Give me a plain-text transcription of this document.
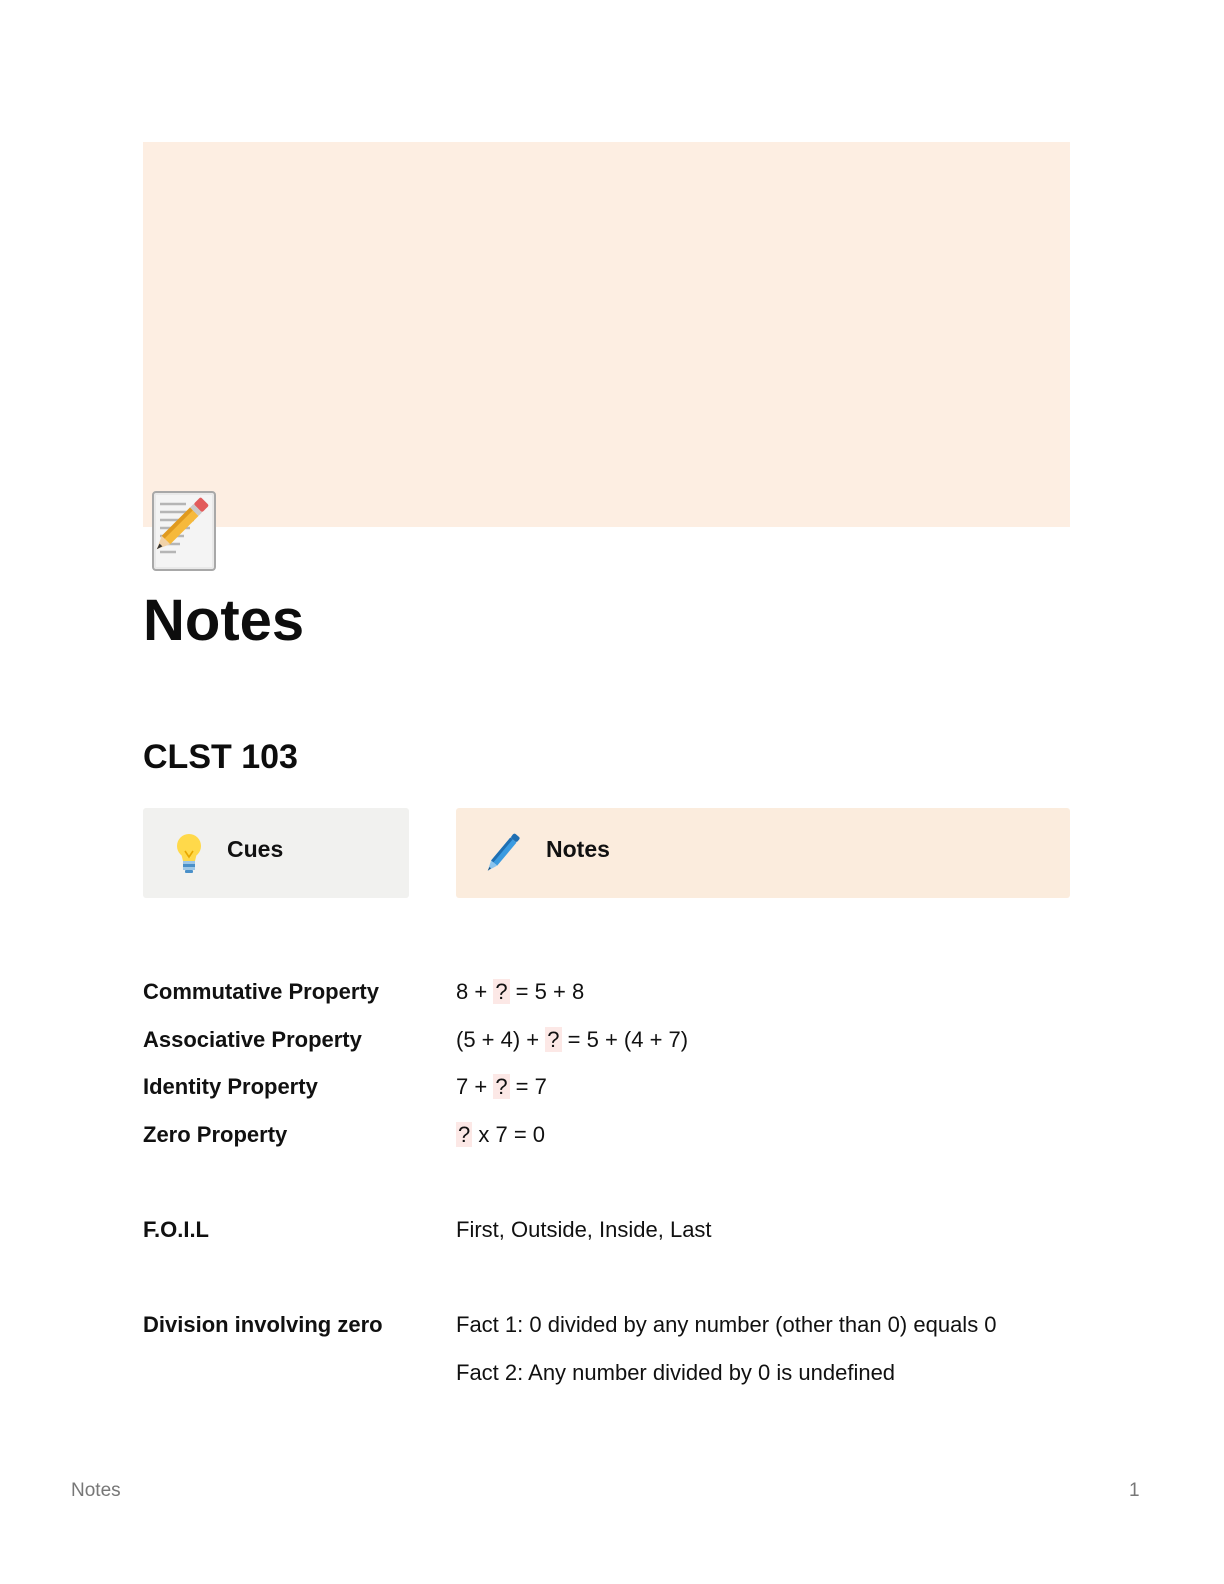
Notes
CLST 103
Cues	Notes
Commutative Property	8 + ? = 5 + 8
Associative Property	(5 + 4) + ? = 5 + (4 + 7)
Identity Property	7 + ? = 7
Zero Property	? x 7 = 0
F.O.I.L	First, Outside, Inside, Last
Division involving zero	Fact 1: 0 divided by any number (other than 0) equals 0
Fact 2: Any number divided by 0 is undefined
Notes	1
